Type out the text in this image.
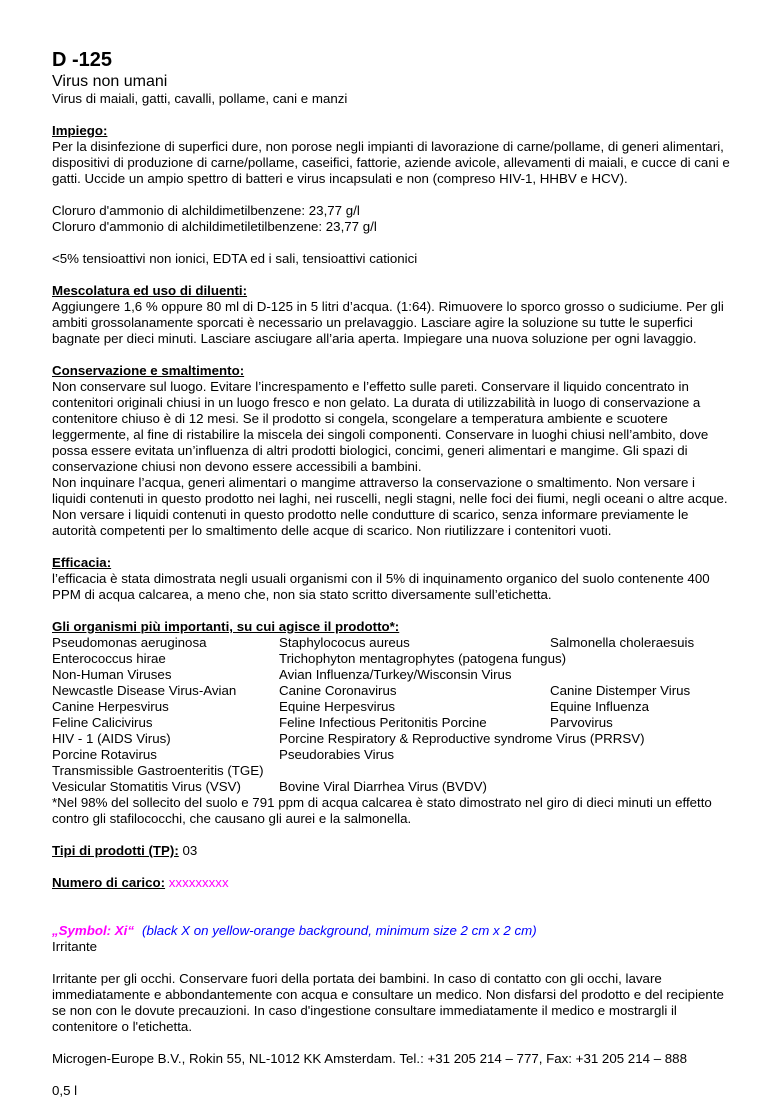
D -125
Virus non umani
Virus di maiali, gatti, cavalli, pollame, cani e manzi
Impiego:

Per la disinfezione di superfici dure, non porose negli impianti di lavorazione di carne/pollame, di generi alimentari, dispositivi di produzione di carne/pollame, caseifici, fattorie, aziende avicole, allevamenti di maiali, e cucce di cani e gatti. Uccide un ampio spettro di batteri e virus incapsulati e non (compreso HIV-1, HHBV e HCV).

Cloruro d'ammonio di alchildimetilbenzene: 23,77 g/l
Cloruro d'ammonio di alchildimetiletilbenzene: 23,77 g/l
<5% tensioattivi non ionici, EDTA ed i sali, tensioattivi cationici
Mescolatura ed uso di diluenti:

Aggiungere 1,6 % oppure 80 ml di D-125 in 5 litri d’acqua. (1:64). Rimuovere lo sporco grosso o sudiciume. Per gli ambiti grossolanamente sporcati è necessario un prelavaggio. Lasciare agire la soluzione su tutte le superfici bagnate per dieci minuti. Lasciare asciugare all’aria aperta. Impiegare una nuova soluzione per ogni lavaggio.

Conservazione e smaltimento:

Non conservare sul luogo. Evitare l’increspamento e l’effetto sulle pareti. Conservare il liquido concentrato in contenitori originali chiusi in un luogo fresco e non gelato. La durata di utilizzabilità in luogo di conservazione a contenitore chiuso è di 12 mesi. Se il prodotto si congela, scongelare a temperatura ambiente e scuotere leggermente, al fine di ristabilire la miscela dei singoli componenti. Conservare in luoghi chiusi nell’ambito, dove possa essere evitata un’influenza di altri prodotti biologici, concimi, generi alimentari e mangime. Gli spazi di conservazione chiusi non devono essere accessibili a bambini.

Non inquinare l’acqua, generi alimentari o mangime attraverso la conservazione o smaltimento. Non versare i liquidi contenuti in questo prodotto nei laghi, nei ruscelli, negli stagni, nelle foci dei fiumi, negli oceani o altre acque. Non versare i liquidi contenuti in questo prodotto nelle condutture di scarico, senza informare previamente le autorità competenti per lo smaltimento delle acque di scarico. Non riutilizzare i contenitori vuoti.

Efficacia:

l’efficacia è stata dimostrata negli usuali organismi con il 5% di inquinamento organico del suolo contenente 400 PPM di acqua calcarea, a meno che, non sia stato scritto diversamente sull’etichetta.

Gli organismi più importanti, su cui agisce il prodotto*:
Pseudomonas aeruginosa	Staphylococus aureus	Salmonella choleraesuis
Enterococcus hirae	Trichophyton mentagrophytes (patogena fungus)
Non-Human Viruses	Avian Influenza/Turkey/Wisconsin Virus
Newcastle Disease Virus-Avian	Canine Coronavirus	Canine Distemper Virus
Canine Herpesvirus	Equine Herpesvirus	Equine Influenza
Feline Calicivirus	Feline Infectious Peritonitis Porcine	Parvovirus
HIV - 1 (AIDS Virus)	Porcine Respiratory & Reproductive syndrome Virus (PRRSV)
Porcine Rotavirus	Pseudorabies Virus
Transmissible Gastroenteritis (TGE)
Vesicular Stomatitis Virus (VSV)	Bovine Viral Diarrhea Virus (BVDV)

*Nel 98% del sollecito del suolo e 791 ppm di acqua calcarea è stato dimostrato nel giro di dieci minuti un effetto contro gli stafilococchi, che causano gli aurei e la salmonella.

Tipi di prodotti (TP): 03
Numero di carico: xxxxxxxxx
„Symbol: Xi“ (black X on yellow-orange background, minimum size 2 cm x 2 cm)
Irritante

Irritante per gli occhi. Conservare fuori della portata dei bambini. In caso di contatto con gli occhi, lavare immediatamente e abbondantemente con acqua e consultare un medico. Non disfarsi del prodotto e del recipiente se non con le dovute precauzioni. In caso d'ingestione consultare immediatamente il medico e mostrargli il contenitore o l'etichetta.

Microgen-Europe B.V., Rokin 55, NL-1012 KK Amsterdam. Tel.: +31 205 214 – 777, Fax: +31 205 214 – 888
0,5 l
